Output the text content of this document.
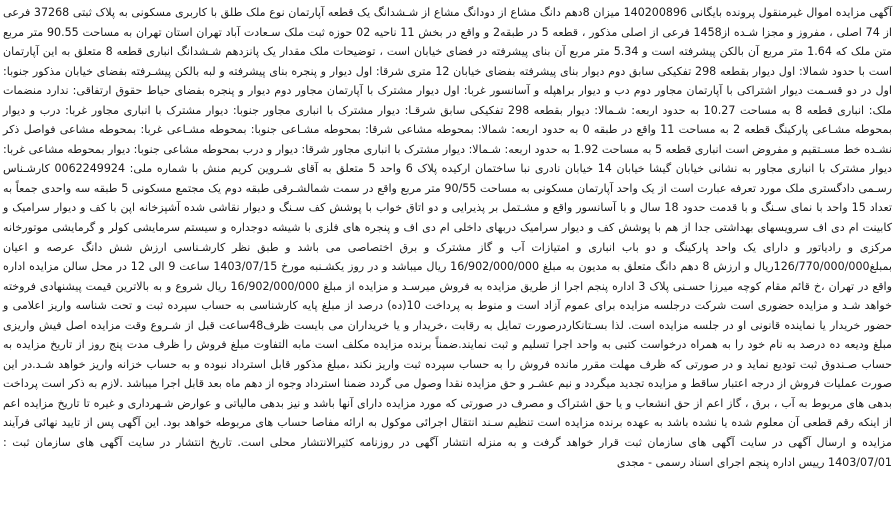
آگهی مزایده اموال غیرمنقول پرونده بایگانی 140200896 میزان 8دهم دانگ مشاع از دودانگ مشاع از شـشدانگ یک قطعه آپارتمان نوع ملک طلق با کاربری مسکونی به پلاک ثبتی 37268 فرعی از 74 اصلی ، مفروز و مجزا شـده از1458 فرعی از اصلی مذکور ، قطعه 5 در طبقه2 و واقع در بخش 11 ناحیه 02 حوزه ثبت ملک سـعادت آباد تهران استان تهران به مساحت 90.55 متر مربع متن ملک که 1.64 متر مربع آن بالکن پیشرفته است و 5.34 متر مربع آن بنای پیشرفته در فضای خیابان است ، توضیحات ملک مقدار یک پانزدهم شـشدانگ انباری قطعه 8 متعلق به این آپارتمان است با حدود شمالا: اول دیوار بقطعه 298 تفکیکی سابق دوم دیوار بنای پیشرفته بفضای خیابان 12 متری شرقا: اول دیوار و پنجره بنای پیشرفته و لبه بالکن پیشـرفته بفضای خیابان مذکور جنوبا: اول در دو قسـمت دیوار اشتراکی با آپارتمان مجاور دوم دب و دیوار براهپله و آسانسور غربا: اول دیوار مشترک با آپارتمان مجاور دوم دیوار و پنجره بفضای حیاط حقوق ارتفاقی: ندارد منضمات ملک: انباری قطعه 8 به مساحت 10.27 به حدود اربعه: شـمالا: دیوار بقطعه 298 تفکیکی سابق شرقـا: دیوار مشترک با انباری مجاور جنوبا: دیوار مشترک با انباری مجاور غربا: درب و دیوار بمحوطه مشـاعی پارکینگ قطعه 2 به مساحت 11 واقع در طبقه 0 به حدود اربعه: شمالا: بمحوطه مشاعی شرقا: بمحوطه مشـاعی جنوبا: بمحوطه مشـاعی غربا: بمحوطه مشاعی فواصل ذکر نشـده خط مسـتقیم و مفروض است انباری قطعه 5 به مساحت 1.92 به حدود اربعه: شـمالا: دیوار مشترک با انباری مجاور شرقا: دیوار و درب بمحوطه مشاعی جنوبا: دیوار بمحوطه مشاعی غربا: دیوار مشترک با انباری مجاور به نشانی خیابان گیشا خیابان 14 خیابان نادری نبا ساختمان ارکیده پلاک 6 واحد 5 متعلق به آقای شـروین کریم منش با شماره ملی: 0062249924 کارشـناس رسـمی دادگستری ملک مورد تعرفه عبارت است از یک واحد آپارتمان مسکونی به مساحت 90/55 متر مربع واقع در سمت شمالشـرقی طبقه دوم یک مجتمع مسکونی 5 طبقه سه واحدی جمعاً به تعداد 15 واحد با نمای سـنگ و با قدمت حدود 18 سال و با آسانسور واقع و مشـتمل بر پذیرایی و دو اتاق خواب با پوشش کف سـنگ و دیوار نقاشی شده آشپزخانه اپن با کف و دیوار سرامیک و کابینت ام دی اف سرویسهای بهداشتی جدا از هم با پوشش کف و دیوار سرامیک دربهای داخلی ام دی اف و پنجره های فلزی با شیشه دوجداره و سیستم سرمایشی کولر و گرمایشی موتورخانه مرکزی و رادیاتور و دارای یک واحد پارکینگ و دو باب انباری و امتیازات آب و گاز مشترک و برق اختصاصی می باشد و طبق نظر کارشـناسی ارزش شش دانگ عرصه و اعیان بمبلغ126/770/000/000ریال و ارزش 8 دهم دانگ متعلق به مدیون به مبلغ 16/902/000/000 ریال میباشد و در روز یکشـنبه مورخ 1403/07/15 ساعت 9 الی 12 در محل سالن مزایده اداره واقع در تهران ،خ قائم مقام کوچه میرزا حسـنی پلاک 3 اداره پنجم اجرا از طریق مزایده به فروش میرسـد و مزایده از مبلغ 16/902/000/000 ریال شروع و به بالاترین قیمت پیشنهادی فروخته خواهد شـد و مزایده حضوری است شرکت درجلسه مزایده برای عموم آزاد است و منوط به پرداخت 10(ده) درصد از مبلغ پایه کارشناسی به حساب سپرده ثبت و تحت شناسه واریز اعلامی و حضور خریدار یا نماینده قانونی او در جلسه مزایده است. لذا بسـتانکاردرصورت تمایل به رقابت ،خریدار و یا خریداران می بایست ظرف48ساعت قبل از شـروع وقت مزایده اصل فیش واریزی مبلغ ودیعه ده درصد به نام خود را به همراه درخواست کتبی به واحد اجرا تسلیم و ثبت نمایند.ضمناً برنده مزایده مکلف است مابه التفاوت مبلغ فروش را ظرف مدت پنج روز از تاریخ مزایده به حساب صـندوق ثبت تودیع نماید و در صورتی که ظرف مهلت مقرر مانده فروش را به حساب سپرده ثبت واریز نکند ،مبلغ مذکور قابل استرداد نبوده و به حساب خزانه واریز خواهد شـد.در این صورت عملیات فروش از درجه اعتبار ساقط و مزایده تجدید میگردد و نیم عشـر و حق مزایده نقدا وصول می گردد ضمنا استرداد وجوه از دهم ماه بعد قابل اجرا میباشد .لازم به ذکر است پرداخت بدهی های مربوط به آب ، برق ، گاز اعم از حق انشعاب و یا حق اشتراک و مصرف در صورتی که مورد مزایده دارای آنها باشد و نیز بدهی مالیاتی و عوارض شـهرداری و غیره تا تاریخ مزایده اعم از اینکه رقم قطعی آن معلوم شده یا نشده باشد به عهده برنده مزایده است تنظیم سـند انتقال اجرائی موکول به ارائه مفاصا حساب های مربوطه خواهد بود. این آگهی پس از تایید نهائی فرآیند مزایده و ارسال آگهی در سایت آگهی های سازمان ثبت قرار خواهد گرفت و به منزله انتشار آگهی در روزنامه کثیرالانتشار محلی است. تاریخ انتشار در سایت آگهی های سازمان ثبت : 1403/07/01 رییس اداره پنجم اجرای اسناد رسمی - مجدی
